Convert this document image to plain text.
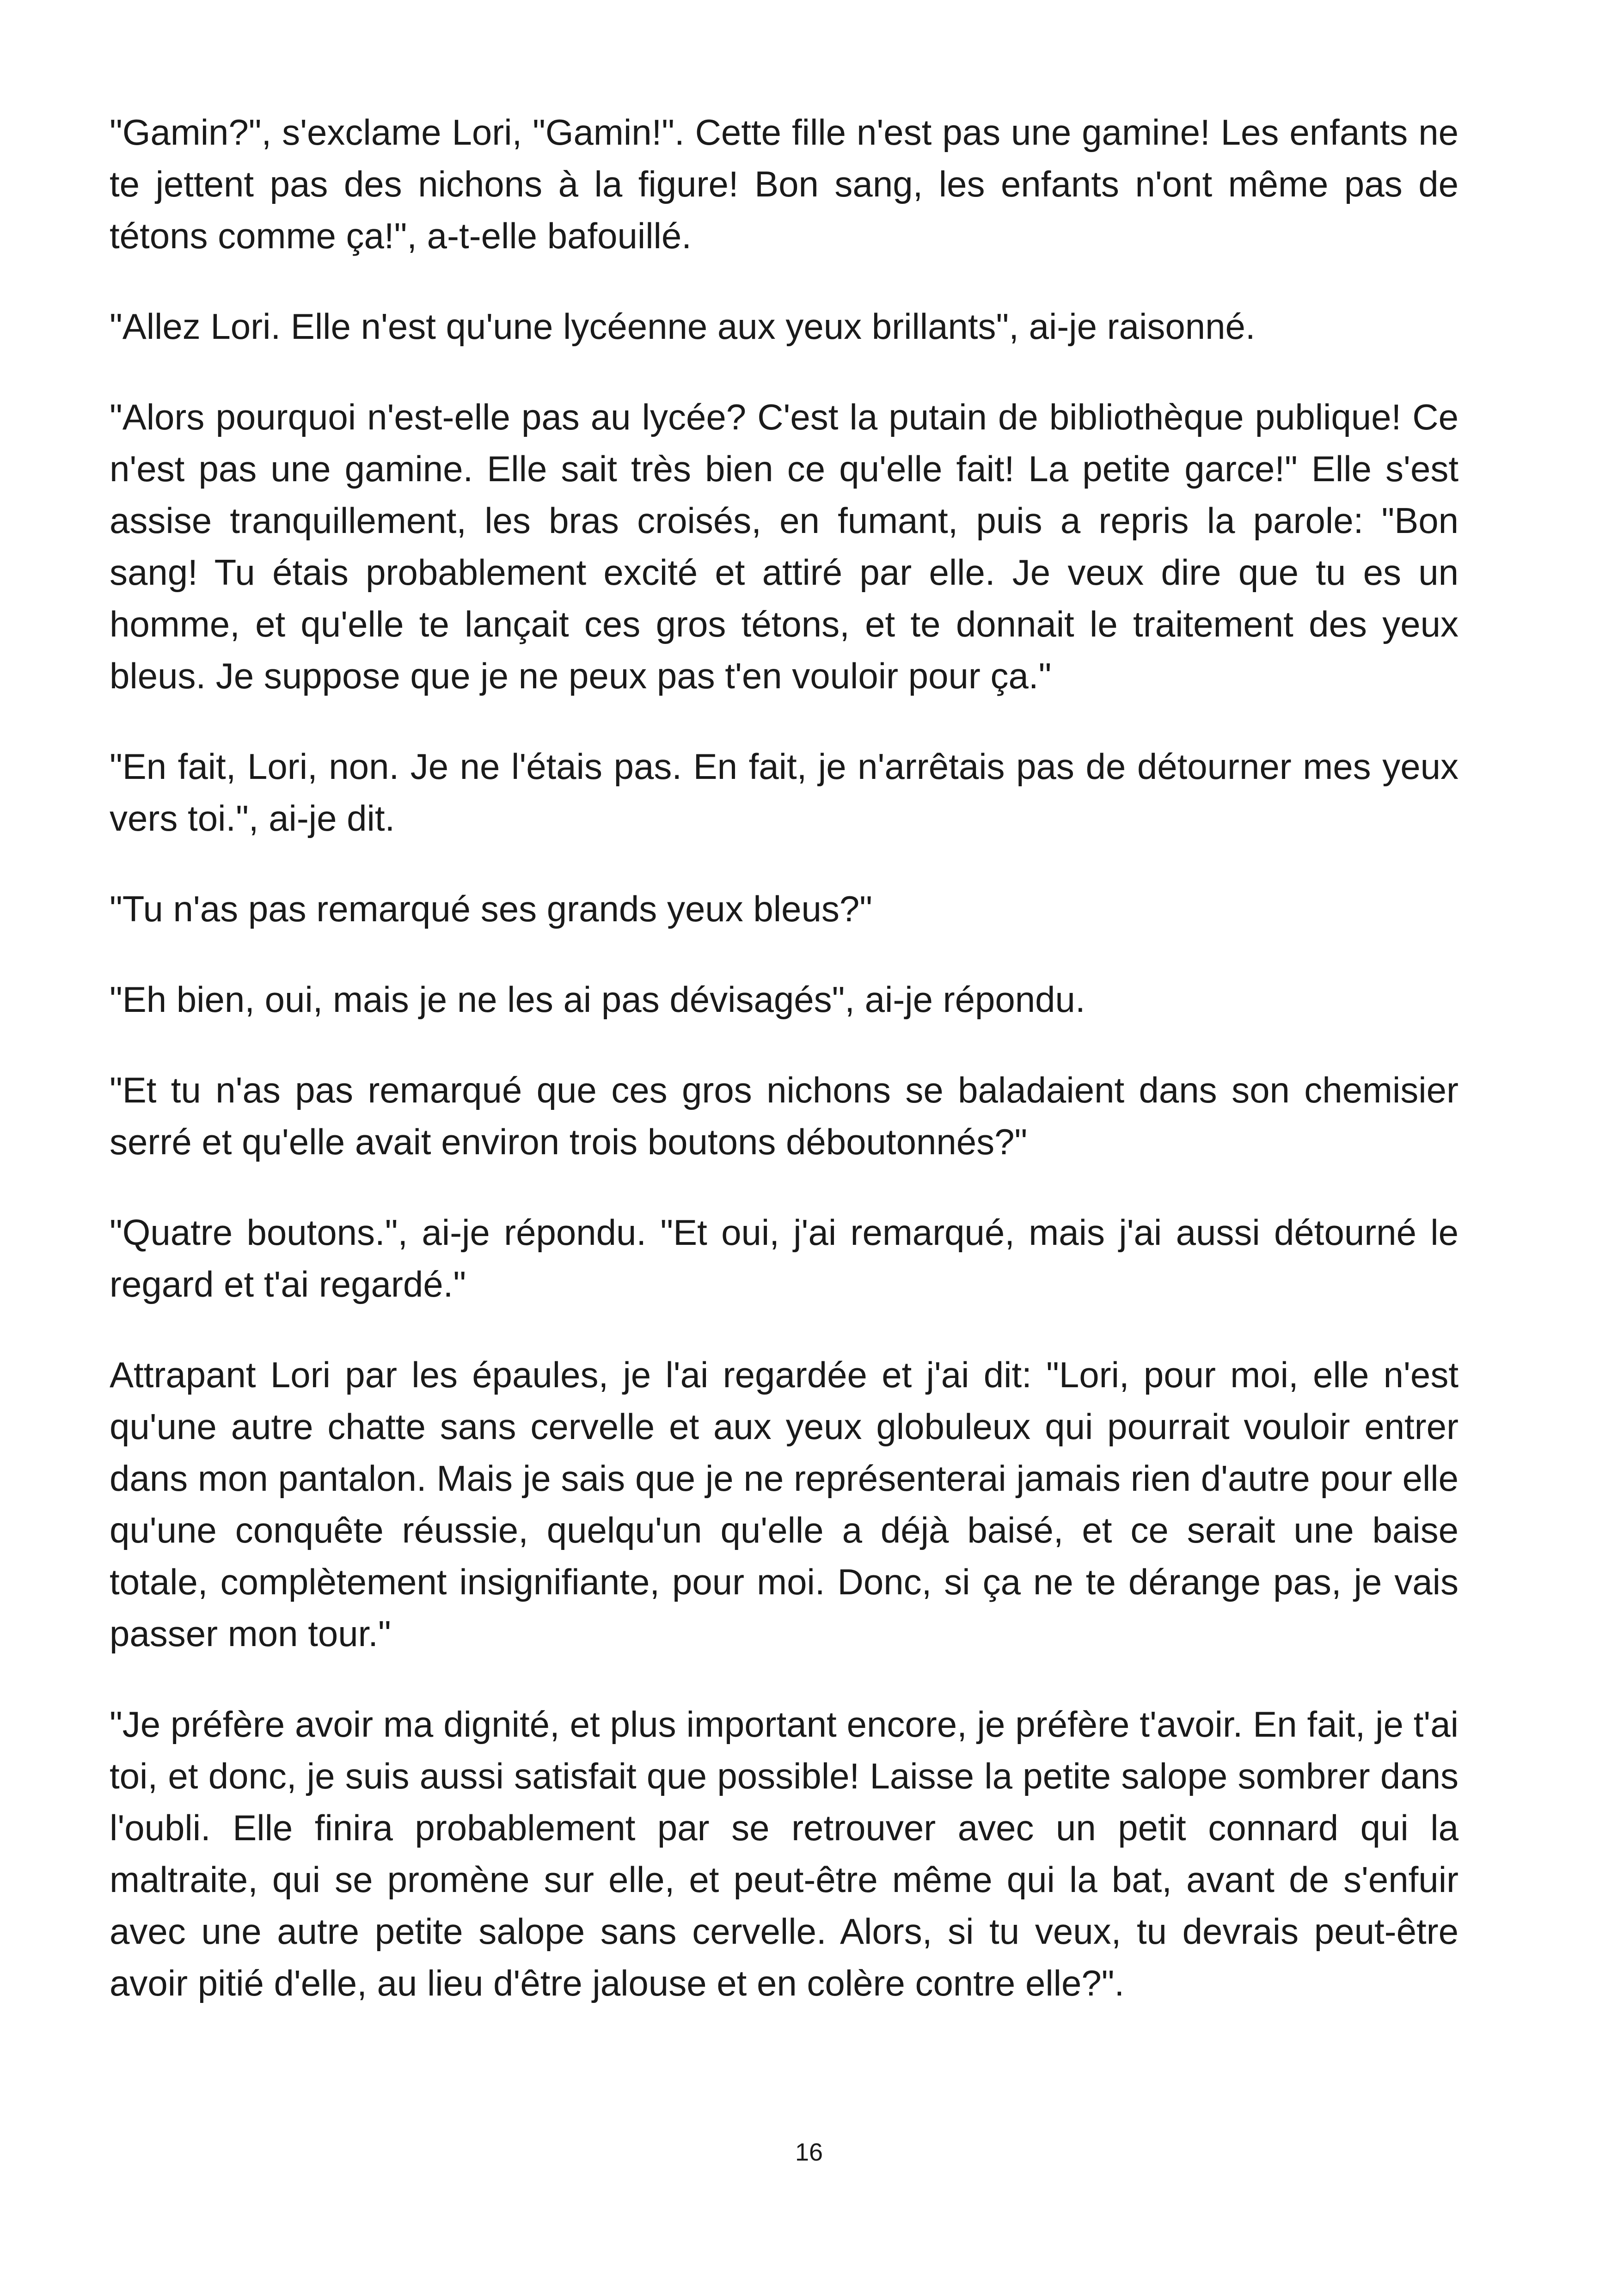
"Gamin?", s'exclame Lori, "Gamin!". Cette fille n'est pas une gamine! Les enfants ne te jettent pas des nichons à la figure! Bon sang, les enfants n'ont même pas de tétons comme ça!", a-t-elle bafouillé.

"Allez Lori. Elle n'est qu'une lycéenne aux yeux brillants", ai-je raisonné.

"Alors pourquoi n'est-elle pas au lycée? C'est la putain de bibliothèque publique! Ce n'est pas une gamine. Elle sait très bien ce qu'elle fait! La petite garce!" Elle s'est assise tranquillement, les bras croisés, en fumant, puis a repris la parole: "Bon sang! Tu étais probablement excité et attiré par elle. Je veux dire que tu es un homme, et qu'elle te lançait ces gros tétons, et te donnait le traitement des yeux bleus. Je suppose que je ne peux pas t'en vouloir pour ça."

"En fait, Lori, non. Je ne l'étais pas. En fait, je n'arrêtais pas de détourner mes yeux vers toi.", ai-je dit.

"Tu n'as pas remarqué ses grands yeux bleus?"

"Eh bien, oui, mais je ne les ai pas dévisagés", ai-je répondu.

"Et tu n'as pas remarqué que ces gros nichons se baladaient dans son chemisier serré et qu'elle avait environ trois boutons déboutonnés?"

"Quatre boutons.", ai-je répondu. "Et oui, j'ai remarqué, mais j'ai aussi détourné le regard et t'ai regardé."

Attrapant Lori par les épaules, je l'ai regardée et j'ai dit: "Lori, pour moi, elle n'est qu'une autre chatte sans cervelle et aux yeux globuleux qui pourrait vouloir entrer dans mon pantalon. Mais je sais que je ne représenterai jamais rien d'autre pour elle qu'une conquête réussie, quelqu'un qu'elle a déjà baisé, et ce serait une baise totale, complètement insignifiante, pour moi. Donc, si ça ne te dérange pas, je vais passer mon tour."

"Je préfère avoir ma dignité, et plus important encore, je préfère t'avoir. En fait, je t'ai toi, et donc, je suis aussi satisfait que possible! Laisse la petite salope sombrer dans l'oubli. Elle finira probablement par se retrouver avec un petit connard qui la maltraite, qui se promène sur elle, et peut-être même qui la bat, avant de s'enfuir avec une autre petite salope sans cervelle. Alors, si tu veux, tu devrais peut-être avoir pitié d'elle, au lieu d'être jalouse et en colère contre elle?".

16
